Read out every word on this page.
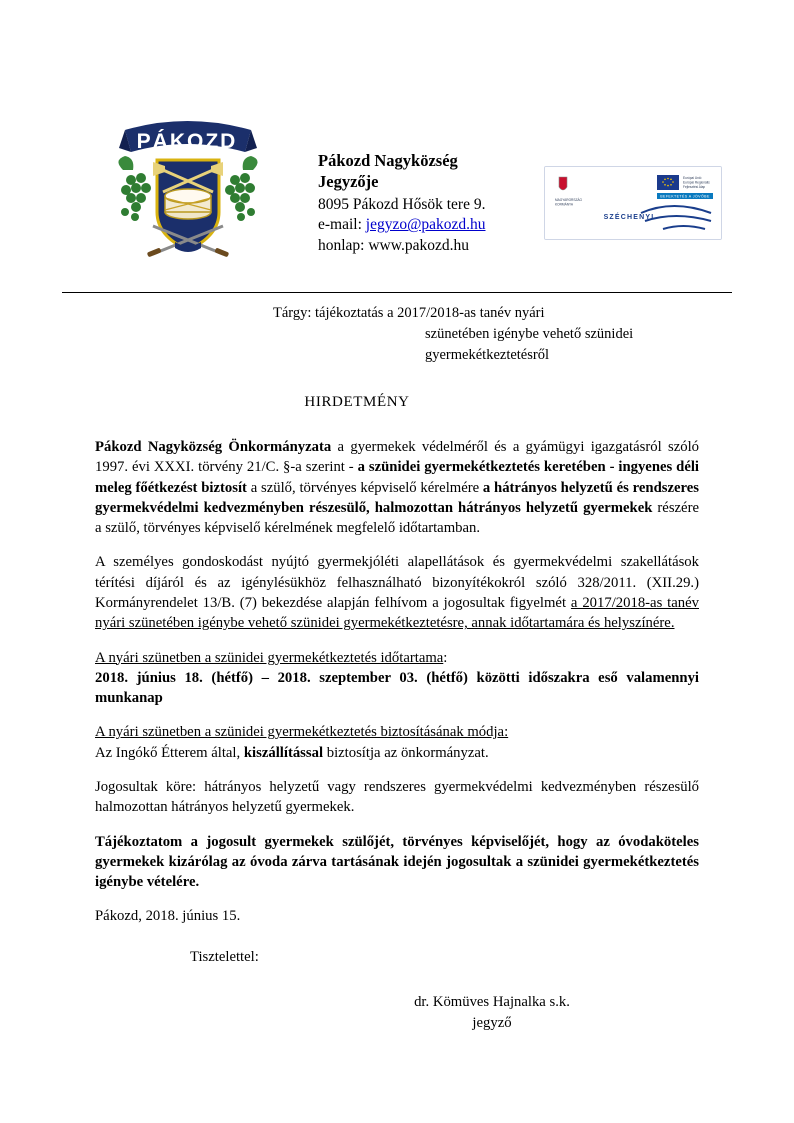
PÁKOZD
Pákozd Nagyközség
Jegyzője
8095 Pákozd Hősök tere 9.
e-mail: jegyzo@pakozd.hu
honlap: www.pakozd.hu
MAGYARORSZÁG
KORMÁNYA
Európai Unió
Európai Regionális
Fejlesztési Alap
BEFEKTETÉS A JÖVŐBE
SZÉCHENYI
Tárgy: tájékoztatás a 2017/2018-as tanév nyári
szünetében igénybe vehető szünidei
gyermekétkeztetésről
HIRDETMÉNY

Pákozd Nagyközség Önkormányzata a gyermekek védelméről és a gyámügyi igazgatásról szóló 1997. évi XXXI. törvény 21/C. §-a szerint - a szünidei gyermekétkeztetés keretében - ingyenes déli meleg főétkezést biztosít a szülő, törvényes képviselő kérelmére a hátrányos helyzetű és rendszeres gyermekvédelmi kedvezményben részesülő, halmozottan hátrányos helyzetű gyermekek részére a szülő, törvényes képviselő kérelmének megfelelő időtartamban.

A személyes gondoskodást nyújtó gyermekjóléti alapellátások és gyermekvédelmi szakellátások térítési díjáról és az igénylésükhöz felhasználható bizonyítékokról szóló 328/2011. (XII.29.) Kormányrendelet 13/B. (7) bekezdése alapján felhívom a jogosultak figyelmét a 2017/2018-as tanév nyári szünetében igénybe vehető szünidei gyermekétkeztetésre, annak időtartamára és helyszínére.

A nyári szünetben a szünidei gyermekétkeztetés időtartama:

2018. június 18. (hétfő) – 2018. szeptember 03. (hétfő) közötti időszakra eső valamennyi munkanap

A nyári szünetben a szünidei gyermekétkeztetés biztosításának módja:

Az Ingókő Étterem által, kiszállítással biztosítja az önkormányzat.

Jogosultak köre: hátrányos helyzetű vagy rendszeres gyermekvédelmi kedvezményben részesülő halmozottan hátrányos helyzetű gyermekek.

Tájékoztatom a jogosult gyermekek szülőjét, törvényes képviselőjét, hogy az óvodaköteles gyermekek kizárólag az óvoda zárva tartásának idején jogosultak a szünidei gyermekétkeztetés igénybe vételére.

Pákozd, 2018. június 15.

Tisztelettel:
dr. Kömüves Hajnalka s.k.
jegyző
